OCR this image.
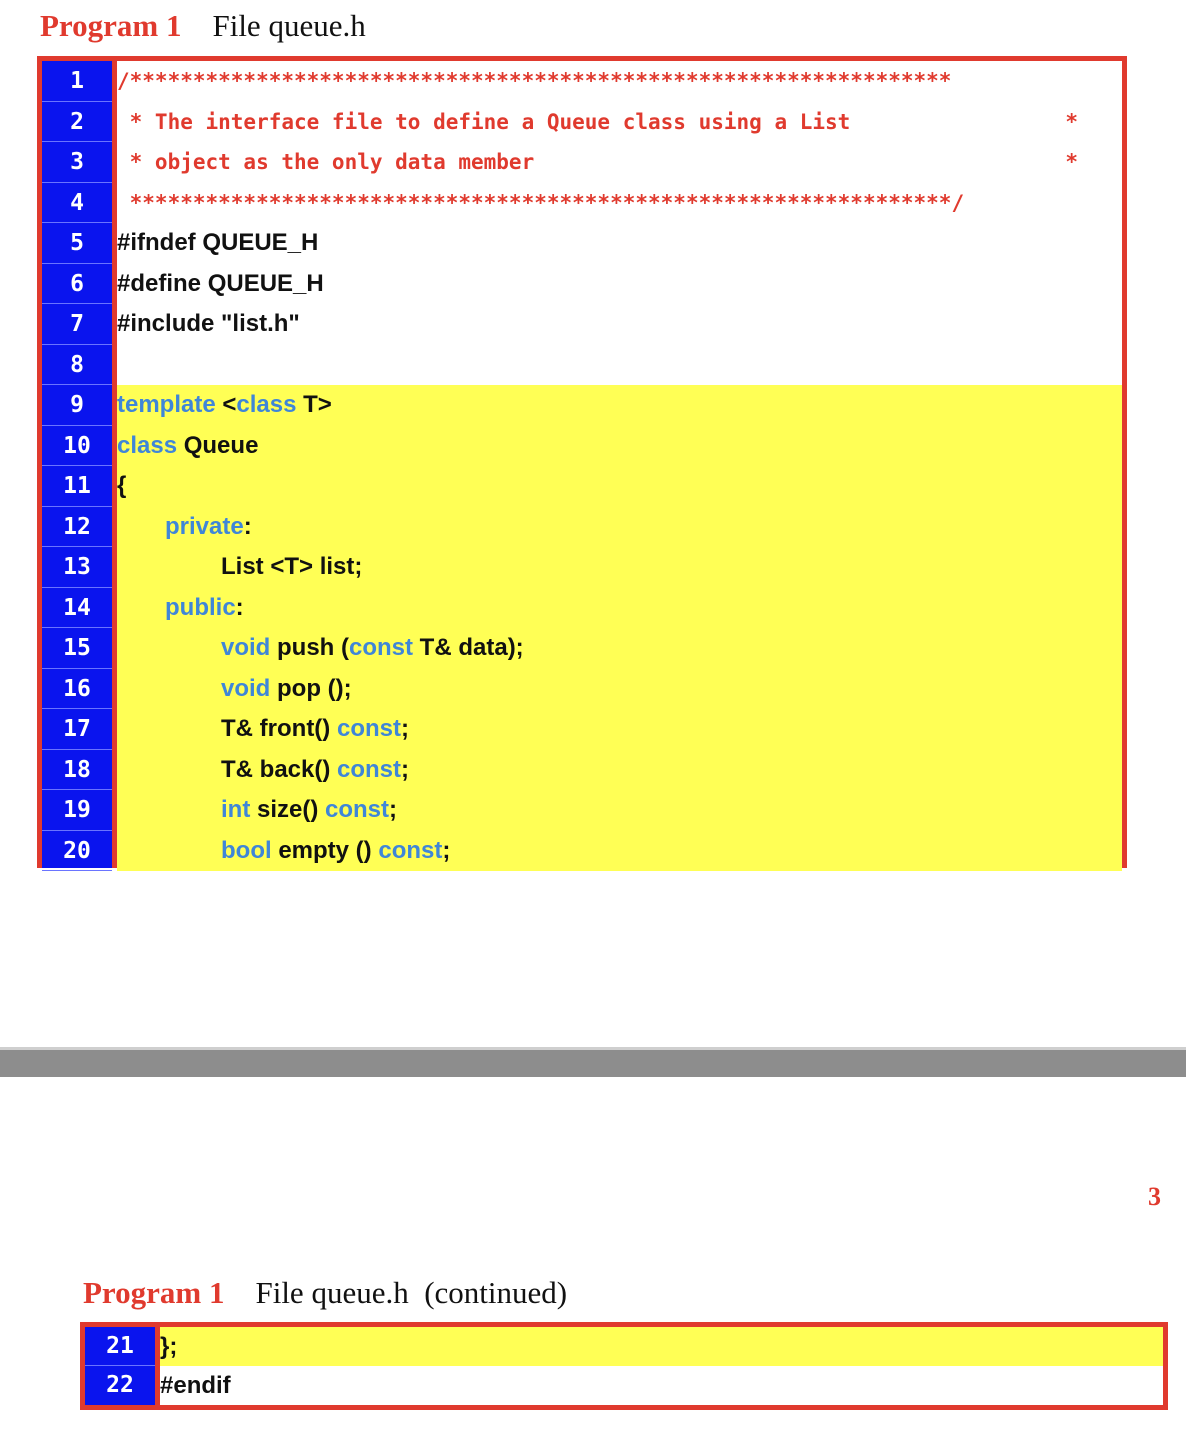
Program 1 File queue.h
1	/*****************************************************************
2	* The interface file to define a Queue class using a List	*
3	* object as the only data member	*
4	*****************************************************************/
5	#ifndef QUEUE_H
6	#define QUEUE_H
7	#include "list.h"
8
9	template <class T>
10	class Queue
11	{
12	private:
13	List <T> list;
14	public:
15	void push (const T& data);
16	void pop ();
17	T& front() const;
18	T& back() const;
19	int size() const;
20	bool empty () const;
3
Program 1 File queue.h  (continued)
21	};
22	#endif
